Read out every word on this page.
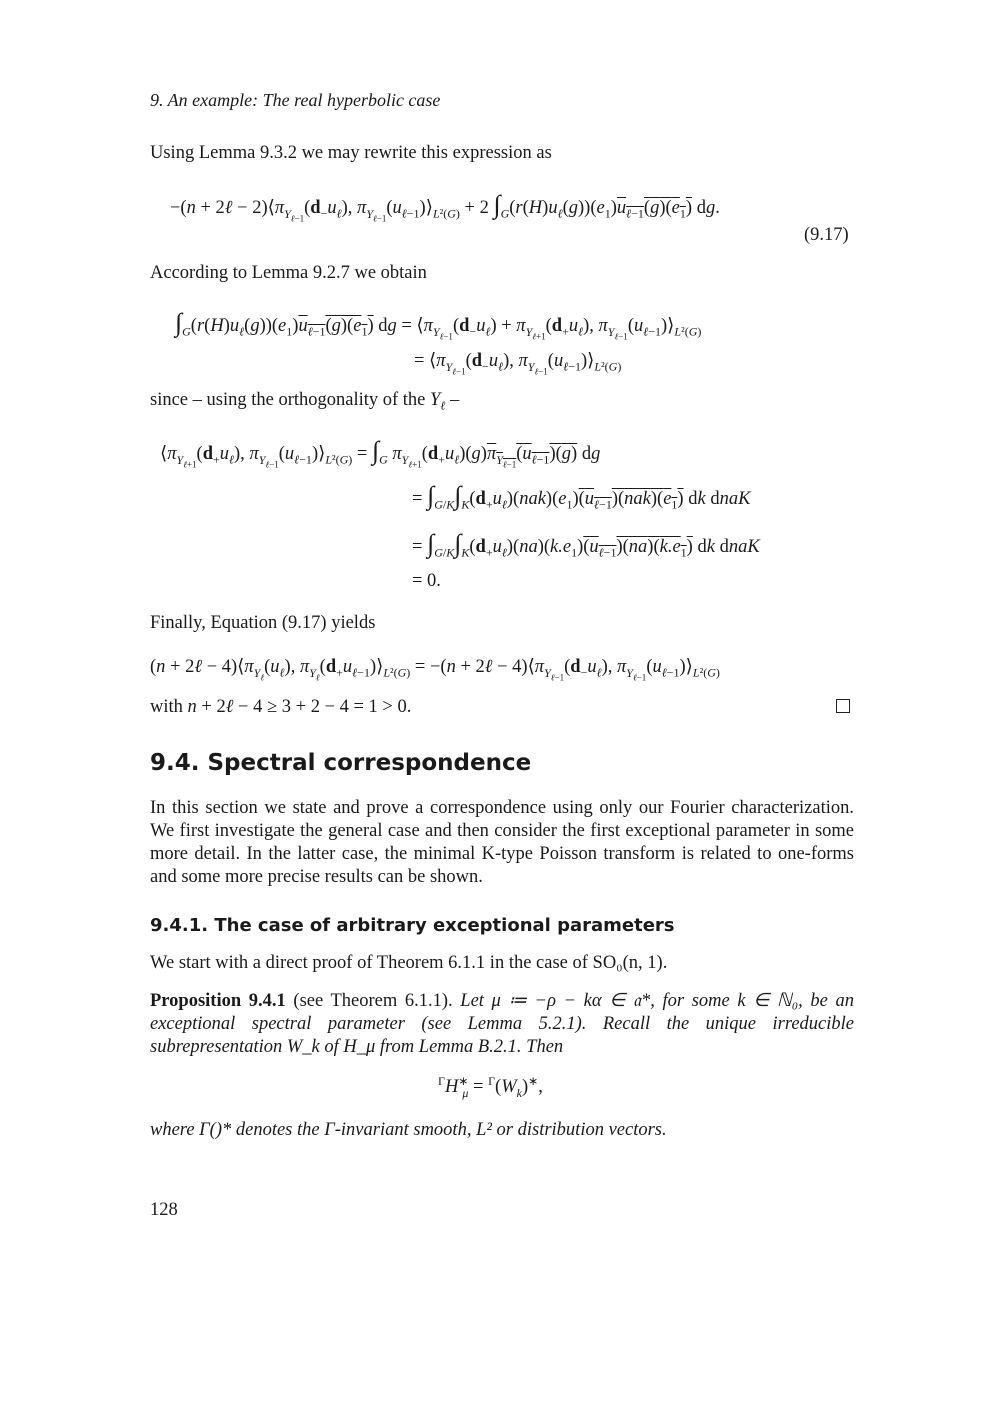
9. An example: The real hyperbolic case
Using Lemma 9.3.2 we may rewrite this expression as
−(n + 2ℓ − $2)⟨\pi_{Y_{\ell-1}}(d_-u_\ell)$, $\pi_{Y_{\ell-1}}(u_{\ell-1})⟩_{L^2(G)} + 2$ $\int_G(r(H)u_\ell(g))(e_1)u_{\ell-1}(g)(e_1)$ dg.
(9.17)
According to Lemma 9.2.7 we obtain
$\int_G(r(H)u_\ell(g))(e_1)u_{\ell-1}(g)(e_1)$ dg = $⟨\pi_{Y_{\ell-1}}(d_-u_\ell) + \pi_{Y_{\ell+1}}(d_+u_\ell)$, $\pi_{Y_{\ell-1}}(u_{\ell-1})⟩_{L^2(G)}$
= $⟨\pi_{Y_{\ell-1}}(d_-u_\ell)$, $\pi_{Y_{\ell-1}}(u_{\ell-1})⟩_{L^2(G)}$
since – using the orthogonality of the $Y_\ell$ –
$⟨\pi_{Y_{\ell+1}}(d_+u_\ell)$, $\pi_{Y_{\ell-1}}(u_{\ell-1})⟩_{L^2(G)} = \int_G$ $\pi_{Y_{\ell+1}}(d_+u_\ell)(g)\pi_{Y_{\ell-1}}(u_{\ell-1})(g)$ dg
= $\int_{G/K}\int_K(d_+u_\ell)(nak)(e_1)(u_{\ell-1})(nak)(e_1)$ dk dnaK
= $\int_{G/K}\int_K(d_+u_\ell)(na)(k.e_1)(u_{\ell-1})(na)(k.e_1)$ dk dnaK
= 0.
Finally, Equation (9.17) yields
(n + 2ℓ − $4)⟨\pi_{Y_\ell}(u_\ell)$, $\pi_{Y_\ell}(d_+u_{\ell-1})⟩_{L^2(G)} = -(n$ + 2ℓ − $4)⟨\pi_{Y_{\ell-1}}(d_-u_\ell)$, $\pi_{Y_{\ell-1}}(u_{\ell-1})⟩_{L^2(G)}$
with n + 2ℓ − 4 ≥ 3 + 2 − 4 = 1 > 0.
9.4. Spectral correspondence
In this section we state and prove a correspondence using only our Fourier characterization. We first investigate the general case and then consider the first exceptional parameter in some more detail. In the latter case, the minimal K-type Poisson transform is related to one-forms and some more precise results can be shown.
9.4.1. The case of arbitrary exceptional parameters
We start with a direct proof of Theorem 6.1.1 in the case of SO₀(n, 1).
Proposition 9.4.1 (see Theorem 6.1.1). Let μ ≔ −ρ − kα ∈ 𝔞*, for some k ∈ ℕ₀, be an exceptional spectral parameter (see Lemma 5.2.1). Recall the unique irreducible subrepresentation W_k of H_μ from Lemma B.2.1. Then
$^\Gamma H^∗_\mu = ^\Gamma(W_k)^∗$,
where Γ()* denotes the Γ-invariant smooth, L² or distribution vectors.
128
